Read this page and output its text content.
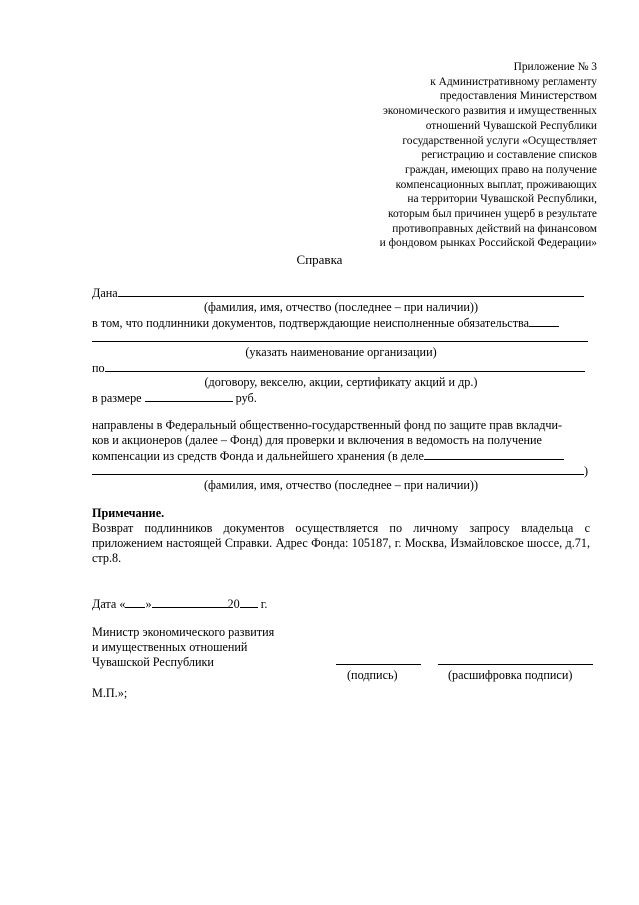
Приложение № 3
к Административному регламенту
предоставления Министерством
экономического развития и имущественных
отношений Чувашской Республики
государственной услуги «Осуществляет
регистрацию и составление списков
граждан, имеющих право на получение
компенсационных выплат, проживающих
на территории Чувашской Республики,
которым был причинен ущерб в результате
противоправных действий на финансовом
и фондовом рынках Российской Федерации»
Справка
Дана
(фамилия, имя, отчество (последнее – при наличии))
в том, что подлинники документов, подтверждающие неисполненные обязательства
(указать наименование организации)
по
(договору, векселю, акции, сертификату акций и др.)
в размере	руб.
направлены в Федеральный общественно-государственный фонд по защите прав вкладчи-
ков и акционеров (далее – Фонд) для проверки и включения в ведомость на получение
компенсации из средств Фонда и дальнейшего хранения (в деле
)
(фамилия, имя, отчество (последнее – при наличии))
Примечание.
Возврат подлинников документов осуществляется по личному запросу владельца с приложением настоящей Справки. Адрес Фонда: 105187, г. Москва, Измайловское шоссе, д.71, стр.8.
Дата « »	20 г.
Министр экономического развития
и имущественных отношений
Чувашской Республики
(подпись)	(расшифровка подписи)
М.П.»;
